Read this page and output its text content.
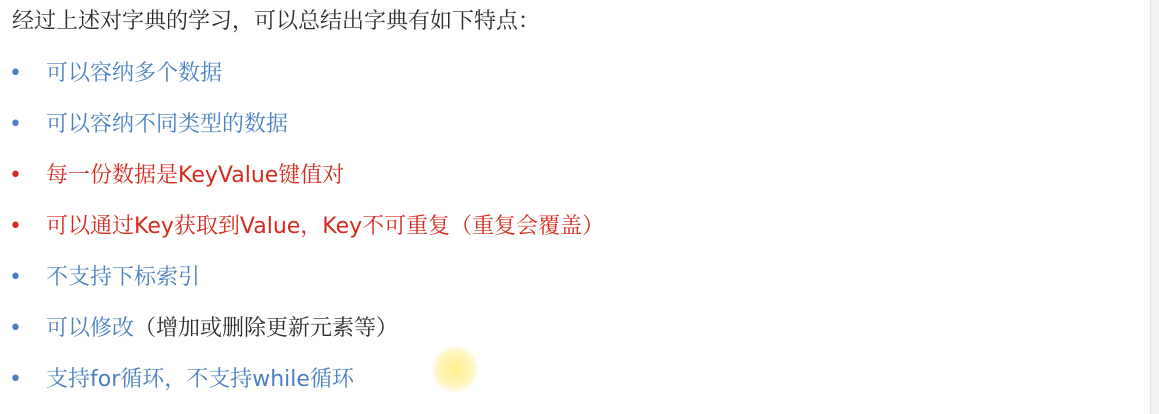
经过上述对字典的学习，可以总结出字典有如下特点：
• 可以容纳多个数据
• 可以容纳不同类型的数据
• 每一份数据是KeyValue键值对
• 可以通过Key获取到Value，Key不可重复（重复会覆盖）
• 不支持下标索引
• 可以修改（增加或删除更新元素等）
• 支持for循环，不支持while循环
